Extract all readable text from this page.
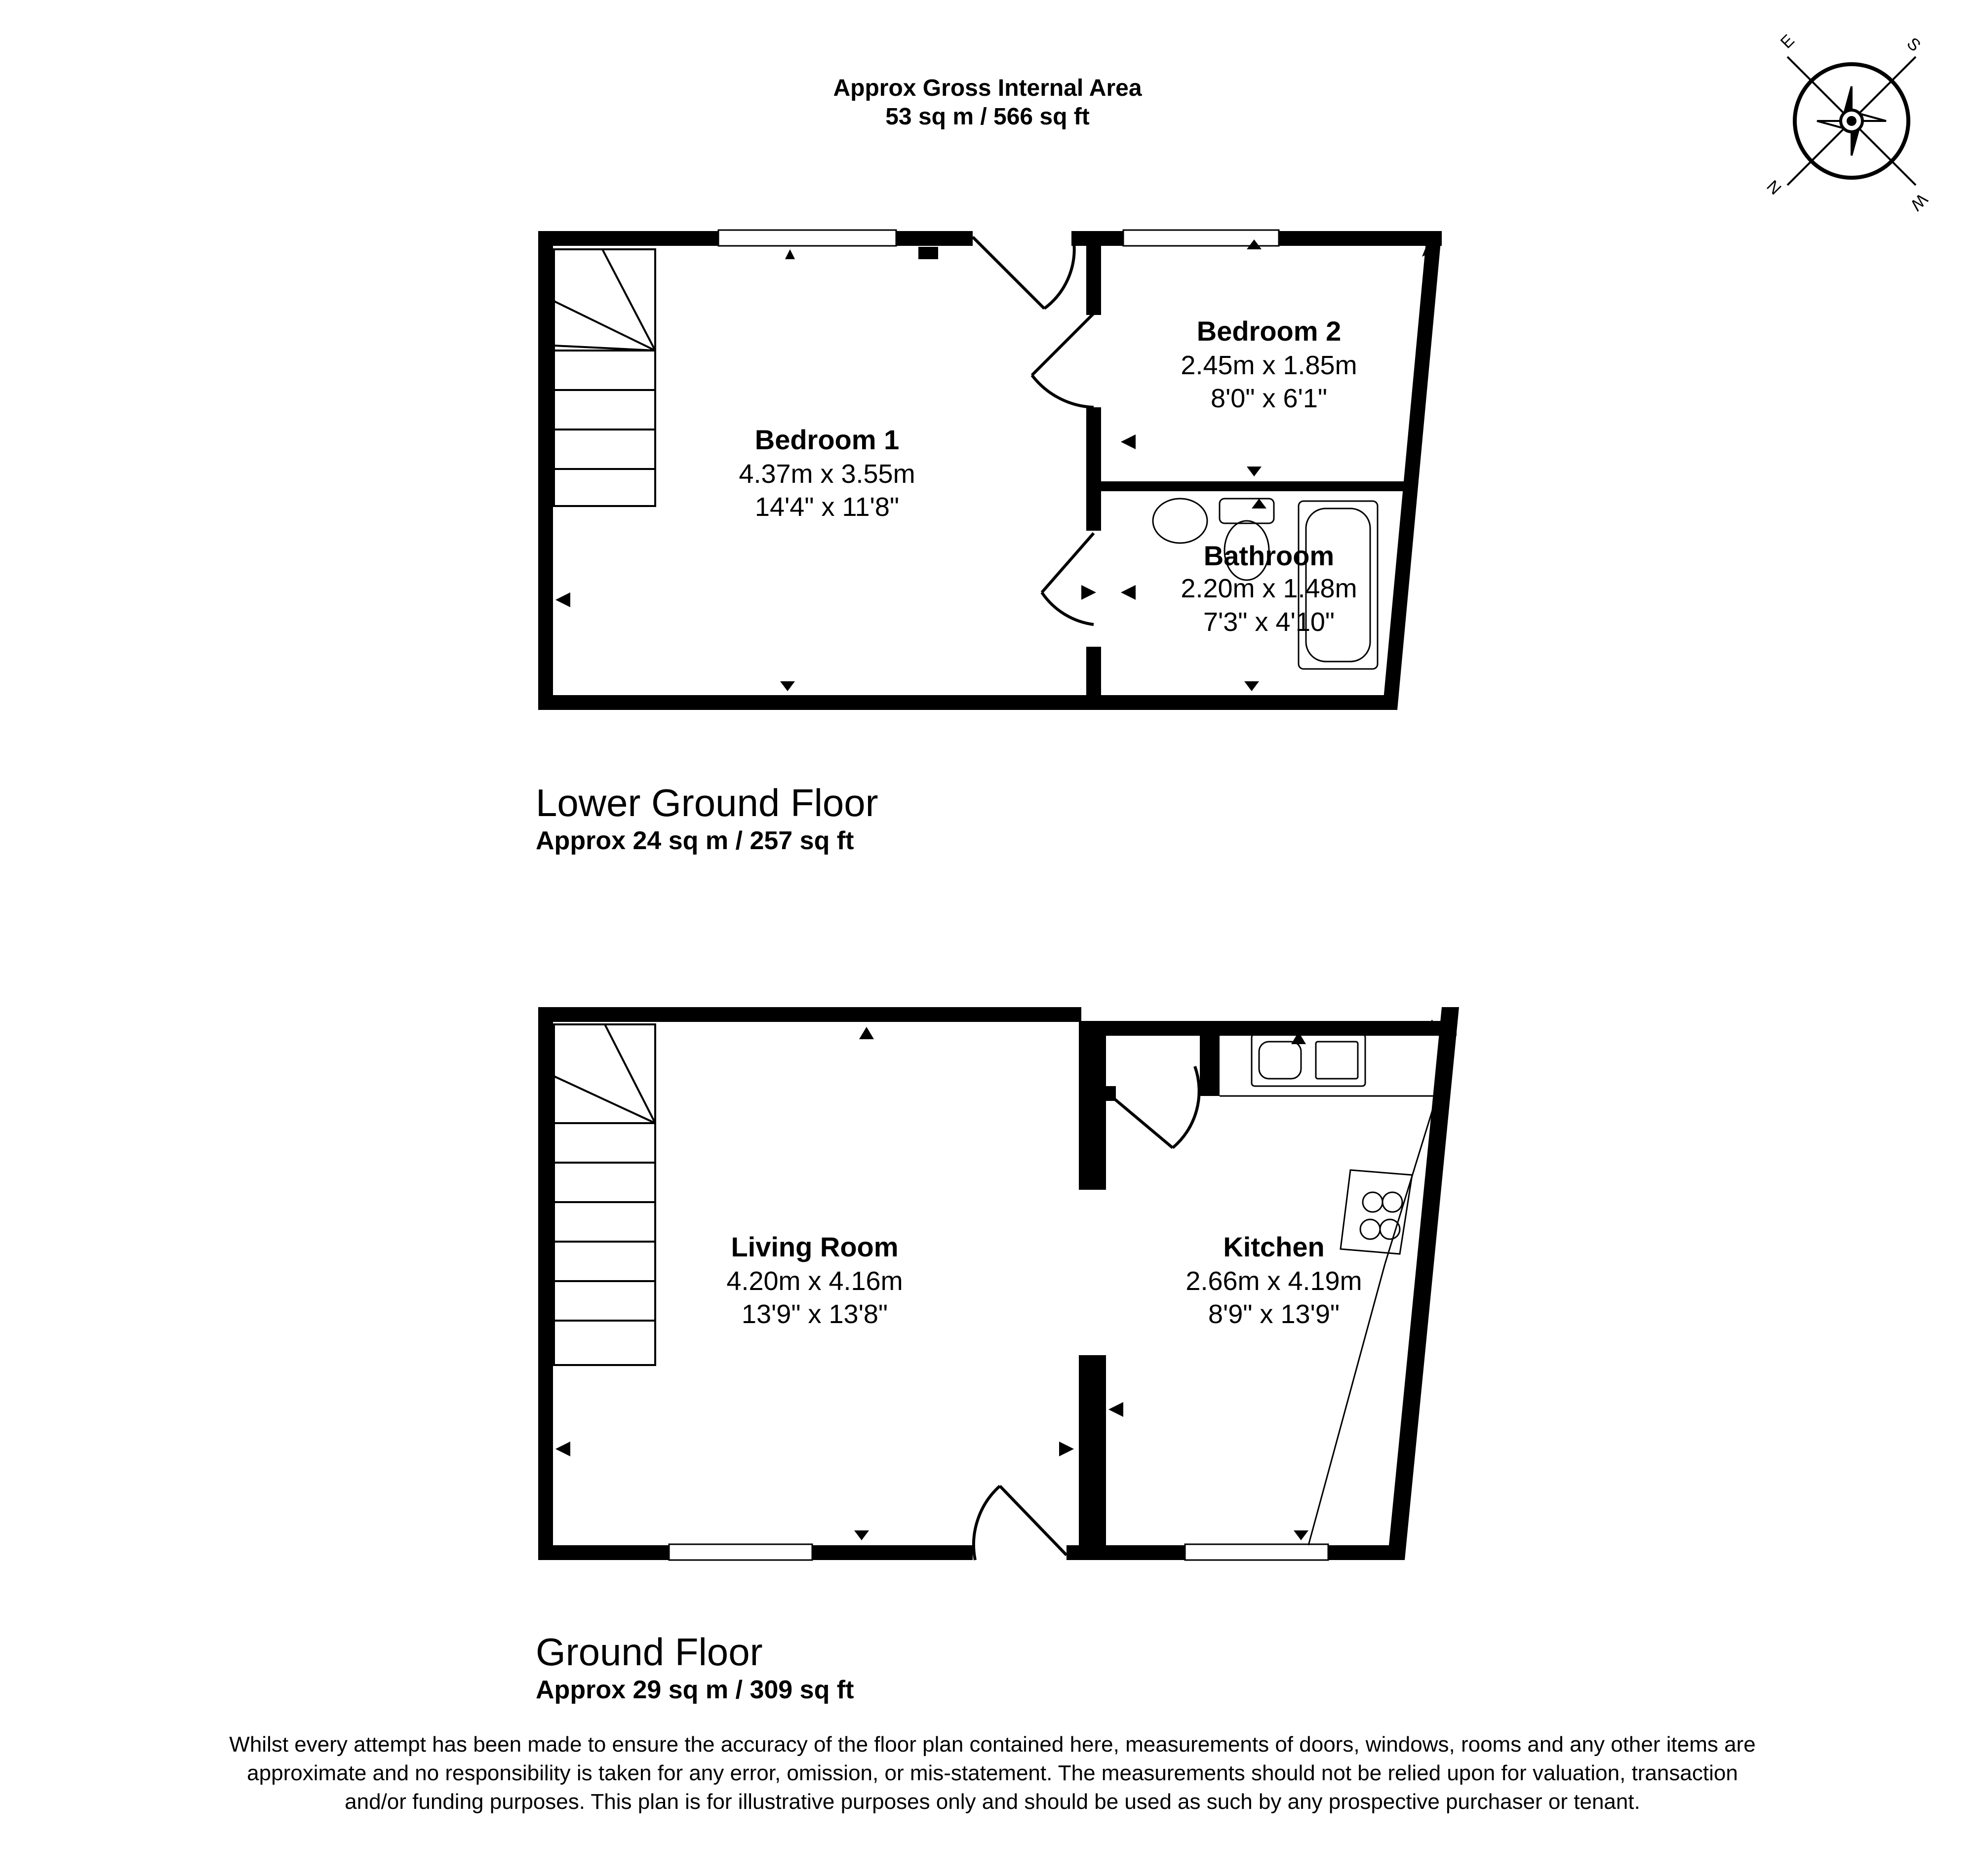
Approx Gross Internal Area
53 sq m / 566 sq ft
E	S
N
W
Bedroom 1
4.37m x 3.55m
14'4" x 11'8"
Bedroom 2
2.45m x 1.85m
8'0" x 6'1"
Bathroom
2.20m x 1.48m
7'3" x 4'10"
Lower Ground Floor
Approx 24 sq m / 257 sq ft
Living Room
4.20m x 4.16m
13'9" x 13'8"
Kitchen
2.66m x 4.19m
8'9" x 13'9"
Ground Floor
Approx 29 sq m / 309 sq ft
Whilst every attempt has been made to ensure the accuracy of the floor plan contained here, measurements of doors, windows, rooms and any other items are approximate and no responsibility is taken for any error, omission, or mis-statement. The measurements should not be relied upon for valuation, transaction and/or funding purposes. This plan is for illustrative purposes only and should be used as such by any prospective purchaser or tenant.
